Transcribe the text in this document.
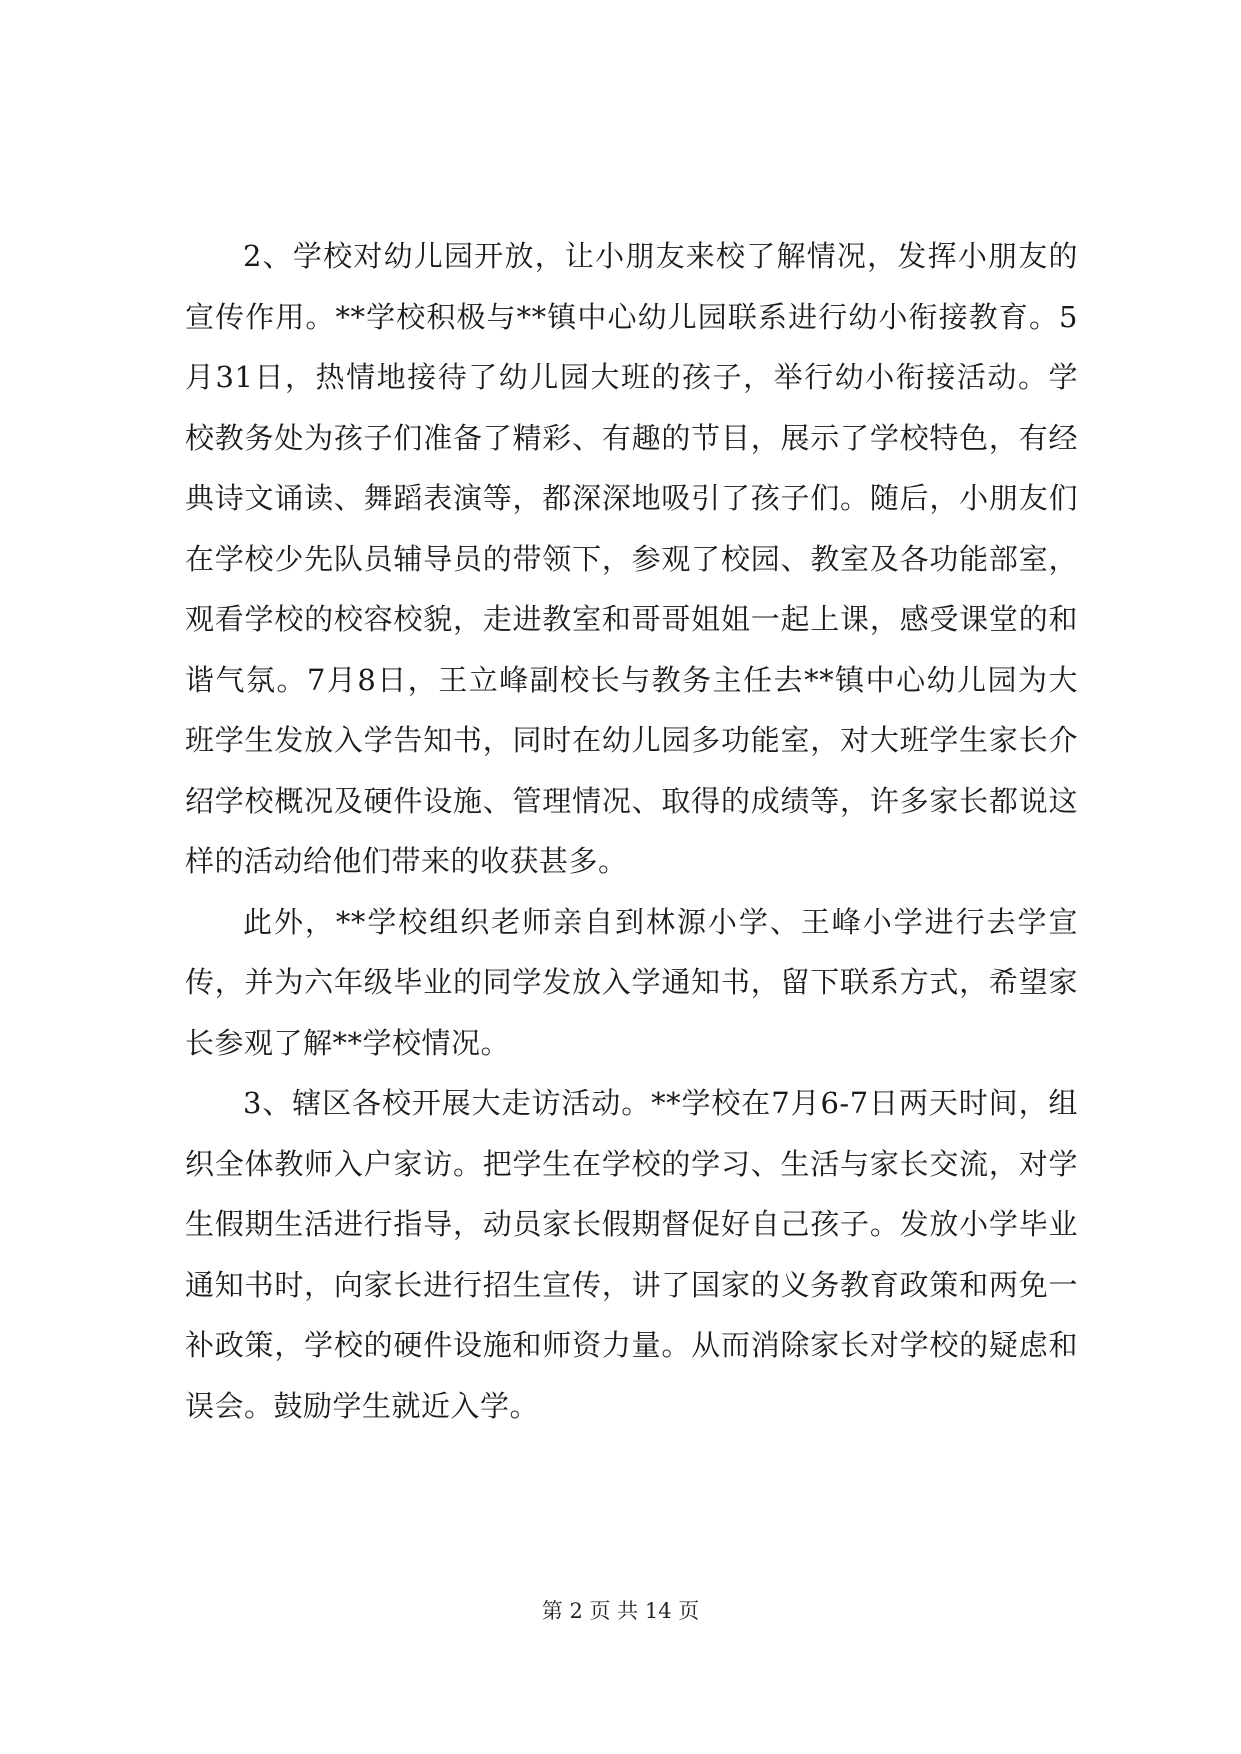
2、学校对幼儿园开放，让小朋友来校了解情况，发挥小朋友的宣传作用。**学校积极与**镇中心幼儿园联系进行幼小衔接教育。5月31日，热情地接待了幼儿园大班的孩子，举行幼小衔接活动。学校教务处为孩子们准备了精彩、有趣的节目，展示了学校特色，有经典诗文诵读、舞蹈表演等，都深深地吸引了孩子们。随后，小朋友们在学校少先队员辅导员的带领下，参观了校园、教室及各功能部室，观看学校的校容校貌，走进教室和哥哥姐姐一起上课，感受课堂的和谐气氛。7月8日，王立峰副校长与教务主任去**镇中心幼儿园为大班学生发放入学告知书，同时在幼儿园多功能室，对大班学生家长介绍学校概况及硬件设施、管理情况、取得的成绩等，许多家长都说这样的活动给他们带来的收获甚多。

此外，**学校组织老师亲自到林源小学、王峰小学进行去学宣传，并为六年级毕业的同学发放入学通知书，留下联系方式，希望家长参观了解**学校情况。

3、辖区各校开展大走访活动。**学校在7月6-7日两天时间，组织全体教师入户家访。把学生在学校的学习、生活与家长交流，对学生假期生活进行指导，动员家长假期督促好自己孩子。发放小学毕业通知书时，向家长进行招生宣传，讲了国家的义务教育政策和两免一补政策，学校的硬件设施和师资力量。从而消除家长对学校的疑虑和误会。鼓励学生就近入学。

第 2 页 共 14 页
